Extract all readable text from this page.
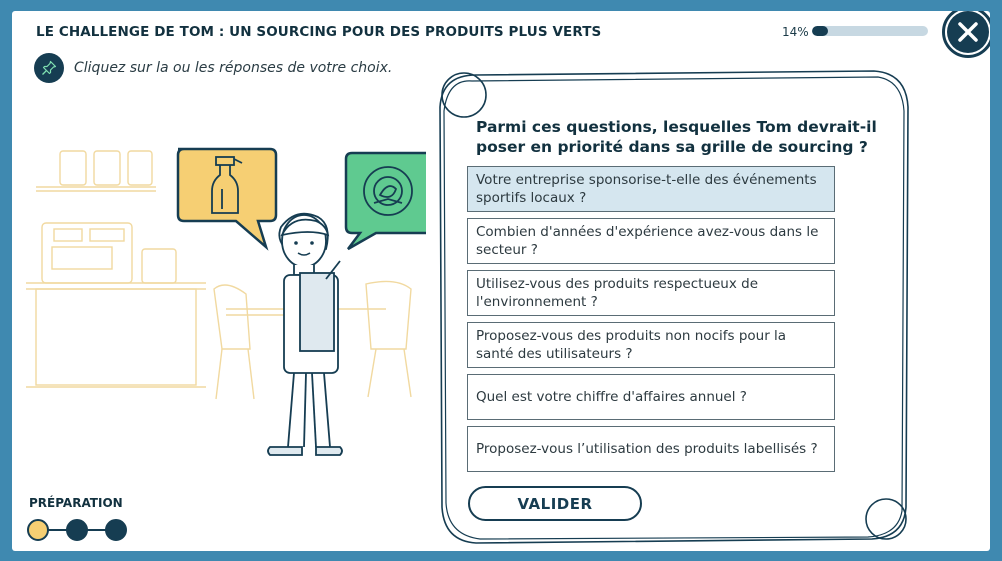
LE CHALLENGE DE TOM : UN SOURCING POUR DES PRODUITS PLUS VERTS	14%
Cliquez sur la ou les réponses de votre choix.
Parmi ces questions, lesquelles Tom devrait-il poser en priorité dans sa grille de sourcing ?
Votre entreprise sponsorise-t-elle des événements sportifs locaux ?
Combien d'années d'expérience avez-vous dans le secteur ?
Utilisez-vous des produits respectueux de l'environnement ?
Proposez-vous des produits non nocifs pour la santé des utilisateurs ?
Quel est votre chiffre d'affaires annuel ?
Proposez-vous l’utilisation des produits labellisés ?
VALIDER
PRÉPARATION
